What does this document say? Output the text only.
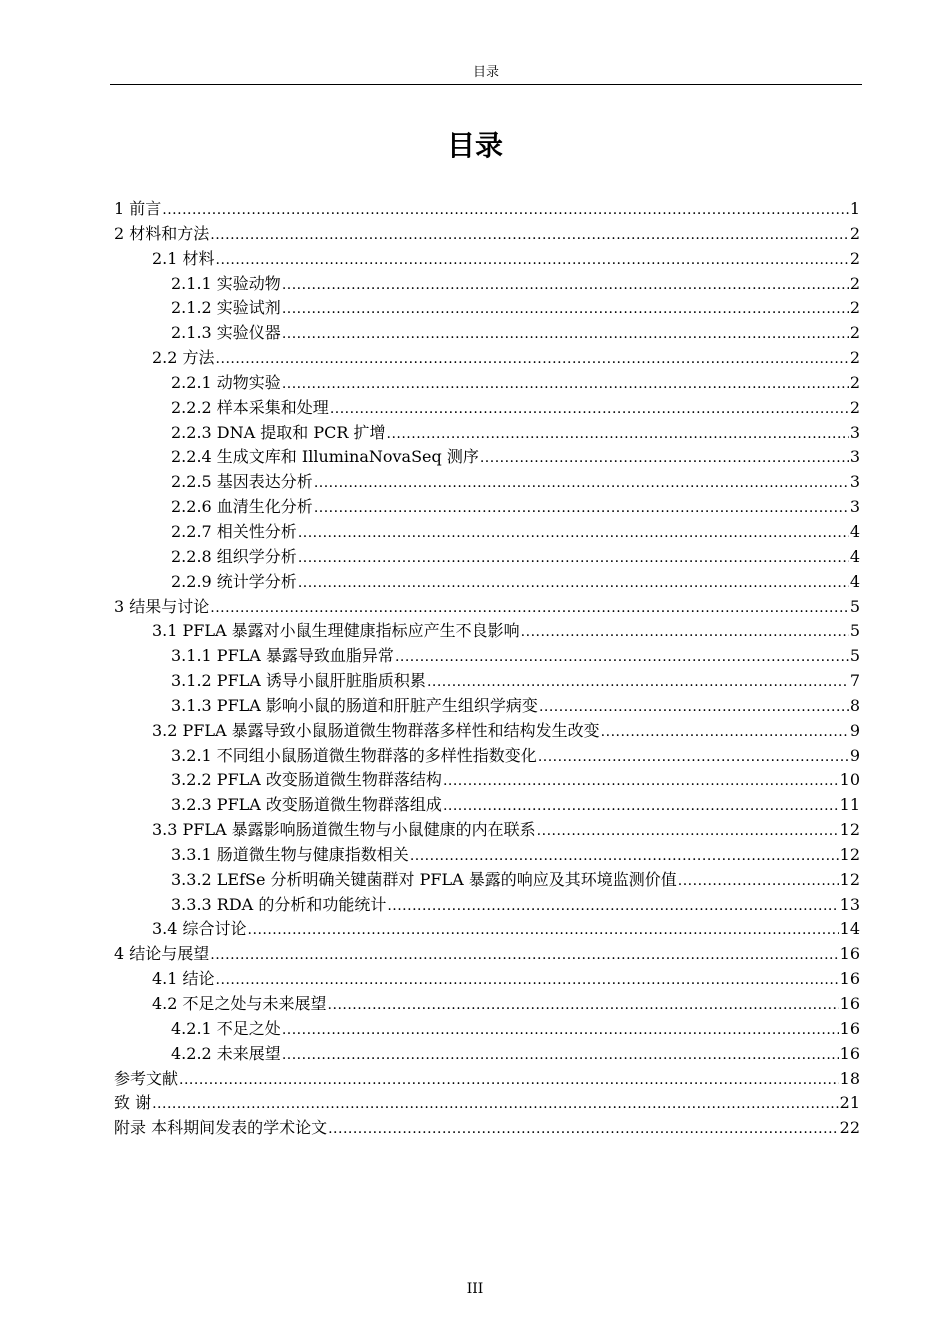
目录
目录
1 前言 .....	1
2 材料和方法 .....	2
2.1 材料 .....	2
2.1.1 实验动物 .....	2
2.1.2 实验试剂 .....	2
2.1.3 实验仪器 .....	2
2.2 方法 .....	2
2.2.1 动物实验 .....	2
2.2.2 样本采集和处理 .....	2
2.2.3 DNA 提取和 PCR 扩增 .....	3
2.2.4 生成文库和 IlluminaNovaSeq 测序 .....	3
2.2.5 基因表达分析 .....	3
2.2.6 血清生化分析 .....	3
2.2.7 相关性分析 .....	4
2.2.8 组织学分析 .....	4
2.2.9 统计学分析 .....	4
3 结果与讨论 .....	5
3.1 PFLA 暴露对小鼠生理健康指标应产生不良影响 .....	5
3.1.1 PFLA 暴露导致血脂异常 .....	5
3.1.2 PFLA 诱导小鼠肝脏脂质积累 .....	7
3.1.3 PFLA 影响小鼠的肠道和肝脏产生组织学病变 .....	8
3.2 PFLA 暴露导致小鼠肠道微生物群落多样性和结构发生改变 .....	9
3.2.1 不同组小鼠肠道微生物群落的多样性指数变化 .....	9
3.2.2 PFLA 改变肠道微生物群落结构 .....	10
3.2.3 PFLA 改变肠道微生物群落组成 .....	11
3.3 PFLA 暴露影响肠道微生物与小鼠健康的内在联系 .....	12
3.3.1 肠道微生物与健康指数相关 .....	12
3.3.2 LEfSe 分析明确关键菌群对 PFLA 暴露的响应及其环境监测价值 .....	12
3.3.3 RDA 的分析和功能统计 .....	13
3.4 综合讨论 .....	14
4 结论与展望 .....	16
4.1 结论 .....	16
4.2 不足之处与未来展望 .....	16
4.2.1 不足之处 .....	16
4.2.2 未来展望 .....	16
参考文献 .....	18
致 谢 .....	21
附录 本科期间发表的学术论文 .....	22
III
